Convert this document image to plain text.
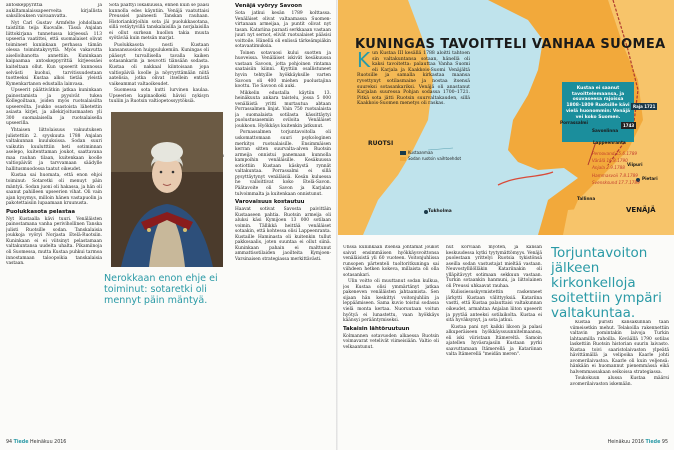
antoskeppyrittiä ja aukiltamalaissapeerveita kirjallista saksillouksen vaivaanvatta.

Nyt Carl Gustav Armfelte johdollaan taistiltin teija Kuovalle. Tässä Anjalan liittokirjana tunnetussa kirjeessä 113 upseeria vaatittei, että suomalaiset olivat toimineet kuninkaan perhassa tämän olessa toimintakyvyttä. Myös vakavutta aiselloihanotta annettiin. Kuninkaan kaipaamaa antoskeppyrittiä kirjeessäei kaiteltaan ollut. Kun upseerit kunnossa selvästi kuohui, tarvitisuudestaan tuotteeksi Kustaa alkoi tietää yleistä Kymenkartanon edustalla lainvasa.

Upseerit päättivätkin jatkaa kuninkaan painostamista ja pyysivät tukea Kollegoiltaan, joiden myös ruotsalaisilta upseereilta. Joukko osastoista lähetettin asiasta kirjet, ja allekirjoitusmaaten yli 300 suomalaisella ja ruotsalaisella upseerilla.

Yhtaisen liittolaisuus vakuutuksen julistettiin 2. syyskuuta 1788 Anjalan valtakunnan kuuluksissa. Sodan suuri vaikutin kuulutttiin heti sotiminnan aselepo, kuitenttaman joukot, saattavana maa rauhan tilaan, kuitenkaan koolle valtiopäivät ja tarvvamaan säädylle hallitusmuodossa taatut oikeudet.

Kustaa sai huomata, että enon ehjoi toiminut: Sotaretki oli menuyt päin mäntyä. Sodan juoni oli hakassa, ja hän oli saanut pahilleen upseerien vihat. Oli vain ajan kysymys, milloin hänen vastapuolin ja pakotettaisiin lupaamaan kruunusta.

Puolukkasota pelastaa

Nyt Kustaalla kävi tuuri. Venäläisten painostamana vanha perivihollinen Tanska julisti Ruotsille sodan. Tanskalaisia joukkoja vyöryi Norjasta Etelä-Ruotsiin. Kuninkaan ei ei viitsinyt pelastamaan valtakuntansa uudelta uhalta. Pikamiinoja oli Suomessa, mutta Kustaa puhkui tarmoa innostamaan taloopoikia tanskalaisia vastaan.

Sota päättyi lokakuussa, ennen kuin se pääsi kunnolla edes käyntiin. Venäjä vaatuttaisi Preussiel paineesti Tanskan rauhaan. Historiankirjoihin sota jäi puolukkasotana, sillä vetäytyvillä tanskalaisilla ja norjalaisilla ei ollut surkean huollon takia muuta syötävää kuin metsän marjat.

Puolukkasota nosti Kustaan kansansuosion huippulukemiin. Kuningas oli päässyt turvallisella tavalla kaiken sotasankarin ja neuvotti tiänsään sodasta. Kustaa oli nakkaal kiintoisaan jopa valtiopäiviä koolle ja nöyryyttämään niitä aatelisia, jotka olivat itsellein entistä vaikeammat valtaoikeudet.

Suomessa sota kutti lurvinen kaulaa. Upseerien kapinaolkeki hävisi nykisyn tuuliin ja Ruotsin valtiopetossyytöksiä.

Nerokkaan enon ehje ei toiminut: sotaretki oli mennyt päin mäntyä.
Venäjä vyöryy Savoon

Sota jatkui kesän 1789 kolttassa. Venäläiset olivat valtaamassa Suomen-virtanaan armeijaa, ja puntit olivat nyt tasan. Katariina paraati serkkaaan vastaan juuri nyt sernot, elivät ruotsalaiset pääsisi voittoile. Hänellä oli enlissä tärkeämpiäkin sotavaatimuksia.

Toinen sotavuosi kului suotten ja huoveissa. Venäläiset iskivät kesäkuussa vastaan Savoon, jotta pohjoinen rintama saataisiin kiinni. Kyyttiin osallistuneet hyvin tehtyille hyökkäyksille varten Savoon oli 400 miehen puolustajina koottu. Tie Savoon oli auki.

Mikkelin edustalla käytiin 13. heinäkuuta ankara taistelu, jossa 5 000 venäläistä yritti murtautua abtaan Porrassalmen linjat. Vain 750 ruotsalaista ja suomalaista sotilasta kässittäytyi puolustusasemiin oviloita Venäläiset joukkoon. Hyökkäys kuitenkin jatkunut.

Pornassalmen torjuntavoitolla oli uskomattomaan suuri psykologinen merkitys ruotsalaisille. Ensimmäisen kerran sitten suurvalta-alven Ruotsin armeija onnistui panemaan kunnolla kampoihin venäläisille. Kesäkuussa sotiottiin Kustaan käskystä rynnät valtakuntaa. Porrassalmi ei sillä pysyttäytynyt venäläisiä. Kesän kuluessa he valloittivat koko Etelä-Savon. Päätavoite oli Savon ja Karjalan tulvoimmalta ja kuitenkaan onnistunut.

Varovaisuus kostautuu

Haavat sotivat Savosta paivittäin Kustaaseen pahtia. Ruotsin armeija oli aluksi käsi Kymijoen 13 000 sotilaan voimin. Tällikkä heittää venäläiset sotaakin, että kohtessa olisi Lappeenranta. Kustaille Haminasta oli kuitenkin tullut pakkosaalis, joten suuntaa ei ollut siinä. Kuninkaan pahain ei malttunut ammattisotilaiden jaoilteita Kymjoen-Varsinaisen strategiassa merkittävästi.

94 Tiede Heinäkuu 2016
KUNINGAS TAVOITTELI VANHAA SUOMEA
K un Kustaa III kesällä 1788 aloitti tahtoen sin valtakuntansa sotaan, hänellä oli kaksi tavoitetta: palauttaa Vanha Suomi eli Karjala ja Kaakkois-Suomi Venäjältä Ruotsille ja samalla kirkastaa maansa ryvettynyt sotilasmaine ja nostaa itsensä suureksi sotasankariksi. Venäjä oli anastanut Karjalan suuressa Pohjan sodassa 1700–1721. Pitkä sota jätti Ruotsin suurvaltakauden, sillä Kaakkois-Suomen menetys oli raskas.
Kustaa ei saanut tavoittelemaansa, ja osuvaseesa rajoissa 1808–1809 Ruotsille kävi vielä huonommin: Venäjä vei koko Suomen.
RUOTSI
VENÄJÄ
Raja 1721
1743
Kustaanmaa
Sodan ruotsin vaihtoehdot
Lappeenranta
Pietari
Viipuri
Savonlinna
Porrassalmi
Tallinna
Tukholma
Pernovand 15.6.1789
Värälä 16.8.1790
Anjala 2.9.1788
Hammasvoii 7.8.1789
Svensksund 17.7.1789

Uhssa kuninkaan itsensä johtamat joukot saivat ensimmäisen hyökkäysvoittonsa venäläisistä yli 60 vuoteen. Voitonjuhlissa runsopen pärtenteli tuoltoritkuninga sai viihdeen hetken kokeva, millaista oli olla sotasankari.

Ulin voitto oli muuttanut sodan kulkua, jos Kustaa olisi ymmärtänyt jatkaa pakeneven venäläisten jahtaamista. Sen sijaan hän keskittyi voitonjuhliin ja leppäämiseen. Sama kuvio toistui sodassa vielä monta kertaa. Nuoruutaan voitun hyötyä ei lunastettu, vaan hyökkäys käänsyi perääntymiseksi.

Takaisin lähtöruutuun

Kolmannen sotavuoden alkaessa Ruotsin voimavarat vetelivät viimeisiään. Valtio oli velkaantunut.

nut korviaan myöten, ja kansan keskuudessa kytki tyytymättömyys. Venäjä puolestaan yrittelyi Ruotsia tykistönsä aseilla sodan vastustajat mieltää vastaan. Neuvostyllilölläkin Katariinakin oli ylläpitävyyt sotimaan sekkuun vastaan. Turkin sotaankin hanmuni, ja liittolainen oli Preussi uhkaavat rauhaa.

Kulissiesuskyvmistettin raskenneet järkytti Kustaan välittyyksiä. Katariina vastti, että Kustaa palauttaisi valtakunnan oikeudet, armahtaa Anjalan liiton upseerit ja pyytää anteeksi sotilaikolta. Kustaa ei sitä hyväksynyt, ja sota jatkui.

Kustaa pani nyt kaikki likoon ja palasi alkuperäiseen hyökkäyssuunnitelmaansa, eli iski viiristaan Itämereltä. Samoin ajatellen hyväsrajasiin Kustaan pyrki saavuttamaan Itämerellä ja Katariinan valta Itämerellä "meidän meren".

Torjuntavoiton jälkeen kirkonkelloja soitettiin ympäri valtakuntaa.

Kustaa puristi kansakunnan taan viimeisetkin mehut. Telakoilla rakennettiin valtavin pomintakin laivoja Turkin lahtaamilla rahoilla. Keväällä 1790 sotilas laskettiin Ruotsin historian suurin laivasto. Kustaa toivi saaristolaivaston ylpeätä hävittämällä ja velipoika Kaarle johti avomerilaivastoa. Kaarle oli kuin veljensä: hänkään ei huomannut pienemmässä eikä halvemmassakaan seikoissa strategiassa.

Toukokuun alussa Kustaa määrsi avomerilaivaston iskemään.

Heinäkuu 2016 Tiede 95
